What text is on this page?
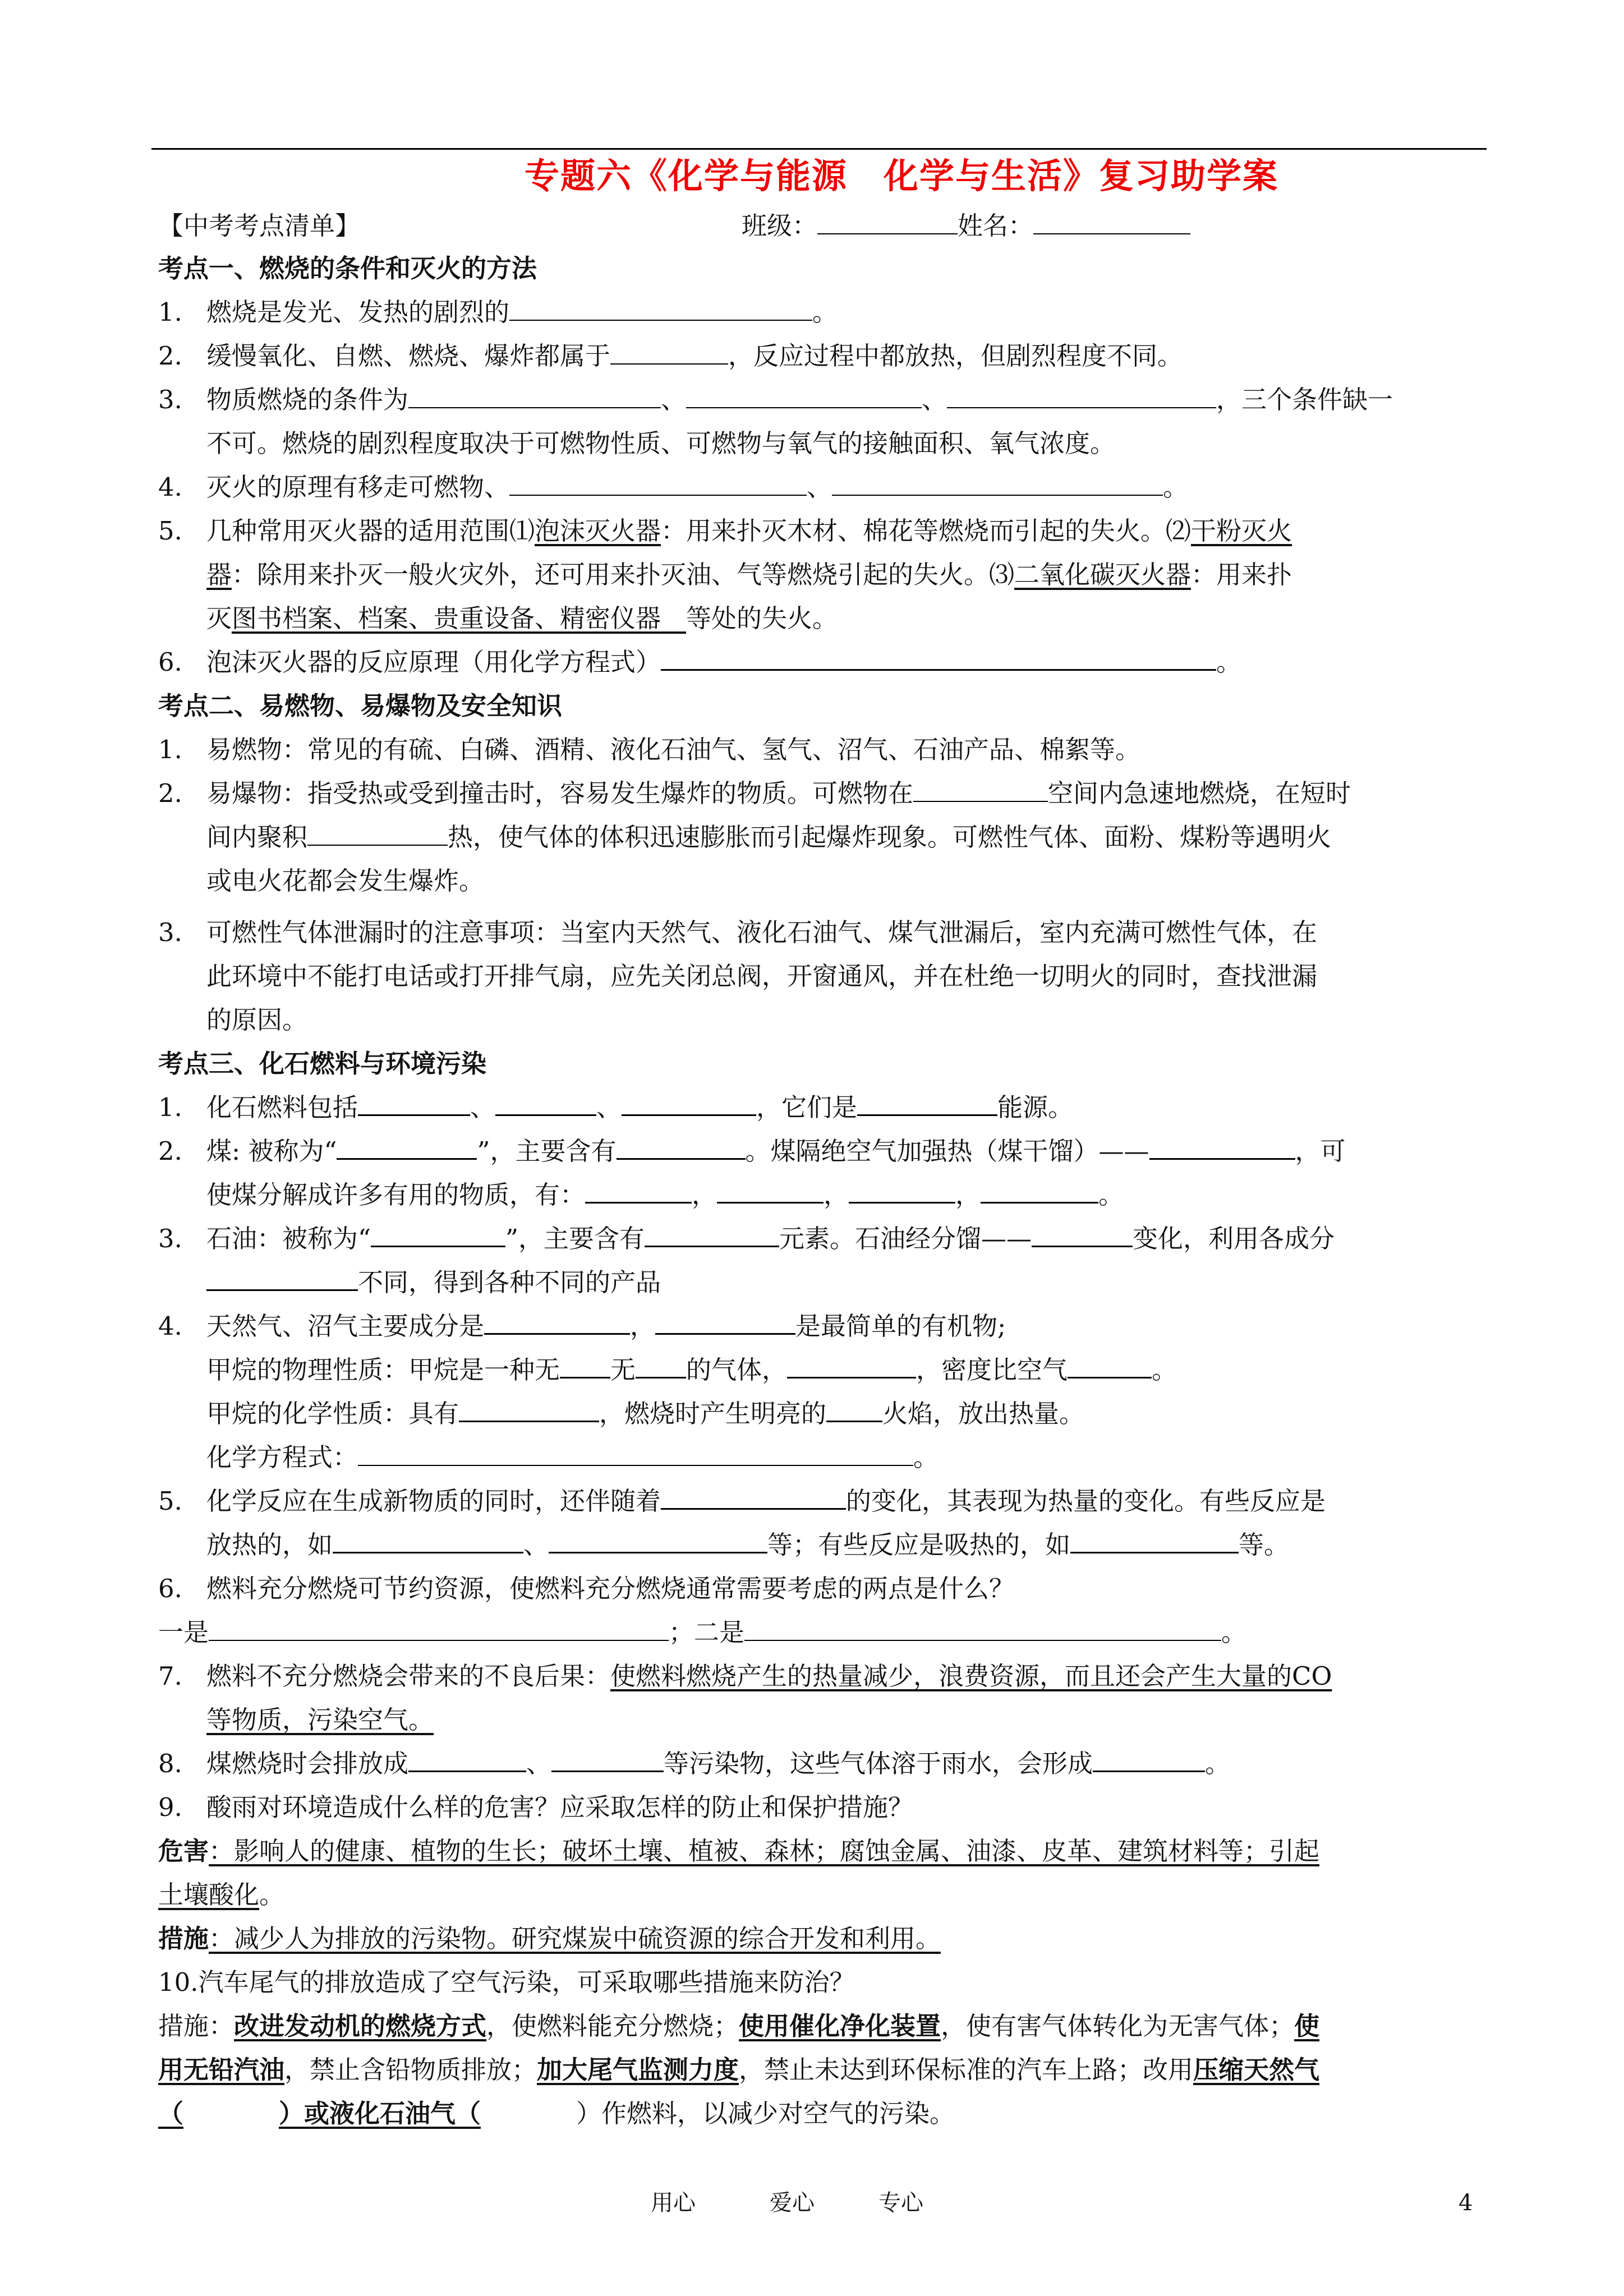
专题六《化学与能源　化学与生活》复习助学案
【中考考点清单】	班级：	姓名：
考点一、燃烧的条件和灭火的方法
1. 燃烧是发光、发热的剧烈的	。
2. 缓慢氧化、自燃、燃烧、爆炸都属于	，反应过程中都放热，但剧烈程度不同。
3. 物质燃烧的条件为	、	、	，三个条件缺一
不可。燃烧的剧烈程度取决于可燃物性质、可燃物与氧气的接触面积、氧气浓度。
4. 灭火的原理有移走可燃物、	、	。
5. 几种常用灭火器的适用范围⑴泡沫灭火器：用来扑灭木材、棉花等燃烧而引起的失火。⑵干粉灭火
器：除用来扑灭一般火灾外，还可用来扑灭油、气等燃烧引起的失火。⑶二氧化碳灭火器：用来扑
灭图书档案、档案、贵重设备、精密仪器　 等处的失火。
6. 泡沫灭火器的反应原理（用化学方程式）	。
考点二、易燃物、易爆物及安全知识
1. 易燃物：常见的有硫、白磷、酒精、液化石油气、氢气、沼气、石油产品、棉絮等。
2. 易爆物：指受热或受到撞击时，容易发生爆炸的物质。可燃物在	空间内急速地燃烧，在短时
间内聚积	热，使气体的体积迅速膨胀而引起爆炸现象。可燃性气体、面粉、煤粉等遇明火
或电火花都会发生爆炸。
3. 可燃性气体泄漏时的注意事项：当室内天然气、液化石油气、煤气泄漏后，室内充满可燃性气体，在
此环境中不能打电话或打开排气扇，应先关闭总阀，开窗通风，并在杜绝一切明火的同时，查找泄漏
的原因。
考点三、化石燃料与环境污染
1. 化石燃料包括	、	、	，它们是	能源。
2. 煤: 被称为“	”，主要含有	。煤隔绝空气加强热（煤干馏）——	，可
使煤分解成许多有用的物质，有：	，	，	，	。
3. 石油：被称为“	”，主要含有	元素。石油经分馏——	变化，利用各成分
不同，得到各种不同的产品
4. 天然气、沼气主要成分是	，	是最简单的有机物;
甲烷的物理性质：甲烷是一种无 无 的气体，	，密度比空气	。
甲烷的化学性质：具有	，燃烧时产生明亮的 火焰，放出热量。
化学方程式：	。
5. 化学反应在生成新物质的同时，还伴随着	的变化，其表现为热量的变化。有些反应是
放热的，如	、	等；有些反应是吸热的，如	等。
6. 燃料充分燃烧可节约资源，使燃料充分燃烧通常需要考虑的两点是什么？
一是	；二是	。
7. 燃料不充分燃烧会带来的不良后果：使燃料燃烧产生的热量减少，浪费资源，而且还会产生大量的CO
等物质，污染空气。
8. 煤燃烧时会排放成	、	等污染物，这些气体溶于雨水，会形成	。
9. 酸雨对环境造成什么样的危害？应采取怎样的防止和保护措施？
危害：影响人的健康、植物的生长；破坏土壤、植被、森林；腐蚀金属、油漆、皮革、建筑材料等；引起
土壤酸化。
措施：减少人为排放的污染物。研究煤炭中硫资源的综合开发和利用。
10.汽车尾气的排放造成了空气污染，可采取哪些措施来防治？
措施：改进发动机的燃烧方式，使燃料能充分燃烧；使用催化净化装置，使有害气体转化为无害气体；使
用无铅汽油，禁止含铅物质排放；加大尾气监测力度，禁止未达到环保标准的汽车上路；改用压缩天然气
（	）或液化石油气（	）作燃料，以减少对空气的污染。
用心	爱心	专心	4
